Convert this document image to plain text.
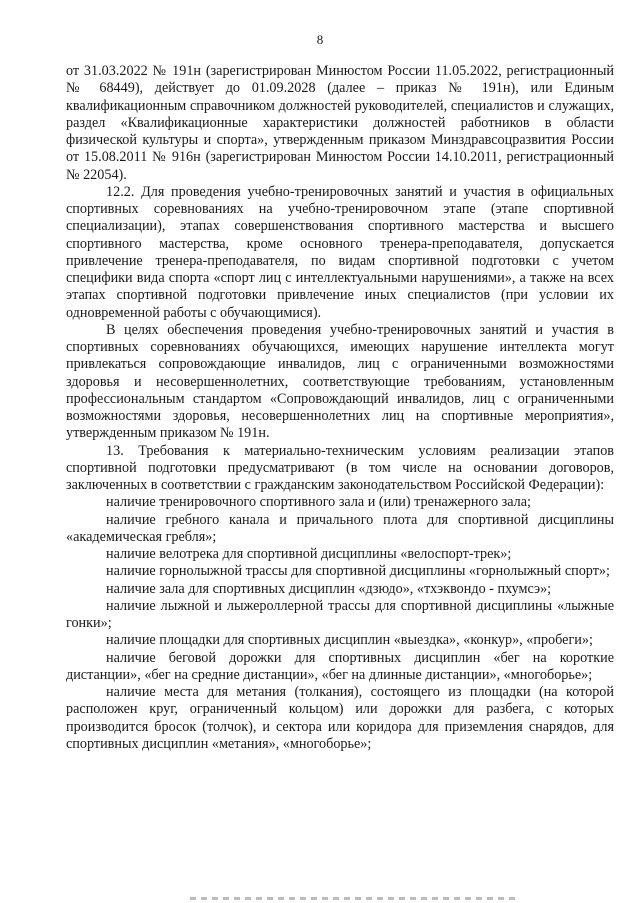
8

от 31.03.2022 № 191н (зарегистрирован Минюстом России 11.05.2022, регистрационный № 68449), действует до 01.09.2028 (далее – приказ № 191н), или Единым квалификационным справочником должностей руководителей, специалистов и служащих, раздел «Квалификационные характеристики должностей работников в области физической культуры и спорта», утвержденным приказом Минздравсоцразвития России от 15.08.2011 № 916н (зарегистрирован Минюстом России 14.10.2011, регистрационный № 22054).

12.2. Для проведения учебно-тренировочных занятий и участия в официальных спортивных соревнованиях на учебно-тренировочном этапе (этапе спортивной специализации), этапах совершенствования спортивного мастерства и высшего спортивного мастерства, кроме основного тренера-преподавателя, допускается привлечение тренера-преподавателя, по видам спортивной подготовки с учетом специфики вида спорта «спорт лиц с интеллектуальными нарушениями», а также на всех этапах спортивной подготовки привлечение иных специалистов (при условии их одновременной работы с обучающимися).

В целях обеспечения проведения учебно-тренировочных занятий и участия в спортивных соревнованиях обучающихся, имеющих нарушение интеллекта могут привлекаться сопровождающие инвалидов, лиц с ограниченными возможностями здоровья и несовершеннолетних, соответствующие требованиям, установленным профессиональным стандартом «Сопровождающий инвалидов, лиц с ограниченными возможностями здоровья, несовершеннолетних лиц на спортивные мероприятия», утвержденным приказом № 191н.

13. Требования к материально-техническим условиям реализации этапов спортивной подготовки предусматривают (в том числе на основании договоров, заключенных в соответствии с гражданским законодательством Российской Федерации):

наличие тренировочного спортивного зала и (или) тренажерного зала;

наличие гребного канала и причального плота для спортивной дисциплины «академическая гребля»;

наличие велотрека для спортивной дисциплины «велоспорт-трек»;

наличие горнолыжной трассы для спортивной дисциплины «горнолыжный спорт»;

наличие зала для спортивных дисциплин «дзюдо», «тхэквондо - пхумсэ»;

наличие лыжной и лыжероллерной трассы для спортивной дисциплины «лыжные гонки»;

наличие площадки для спортивных дисциплин «выездка», «конкур», «пробеги»;

наличие беговой дорожки для спортивных дисциплин «бег на короткие дистанции», «бег на средние дистанции», «бег на длинные дистанции», «многоборье»;

наличие места для метания (толкания), состоящего из площадки (на которой расположен круг, ограниченный кольцом) или дорожки для разбега, с которых производится бросок (толчок), и сектора или коридора для приземления снарядов, для спортивных дисциплин «метания», «многоборье»;
